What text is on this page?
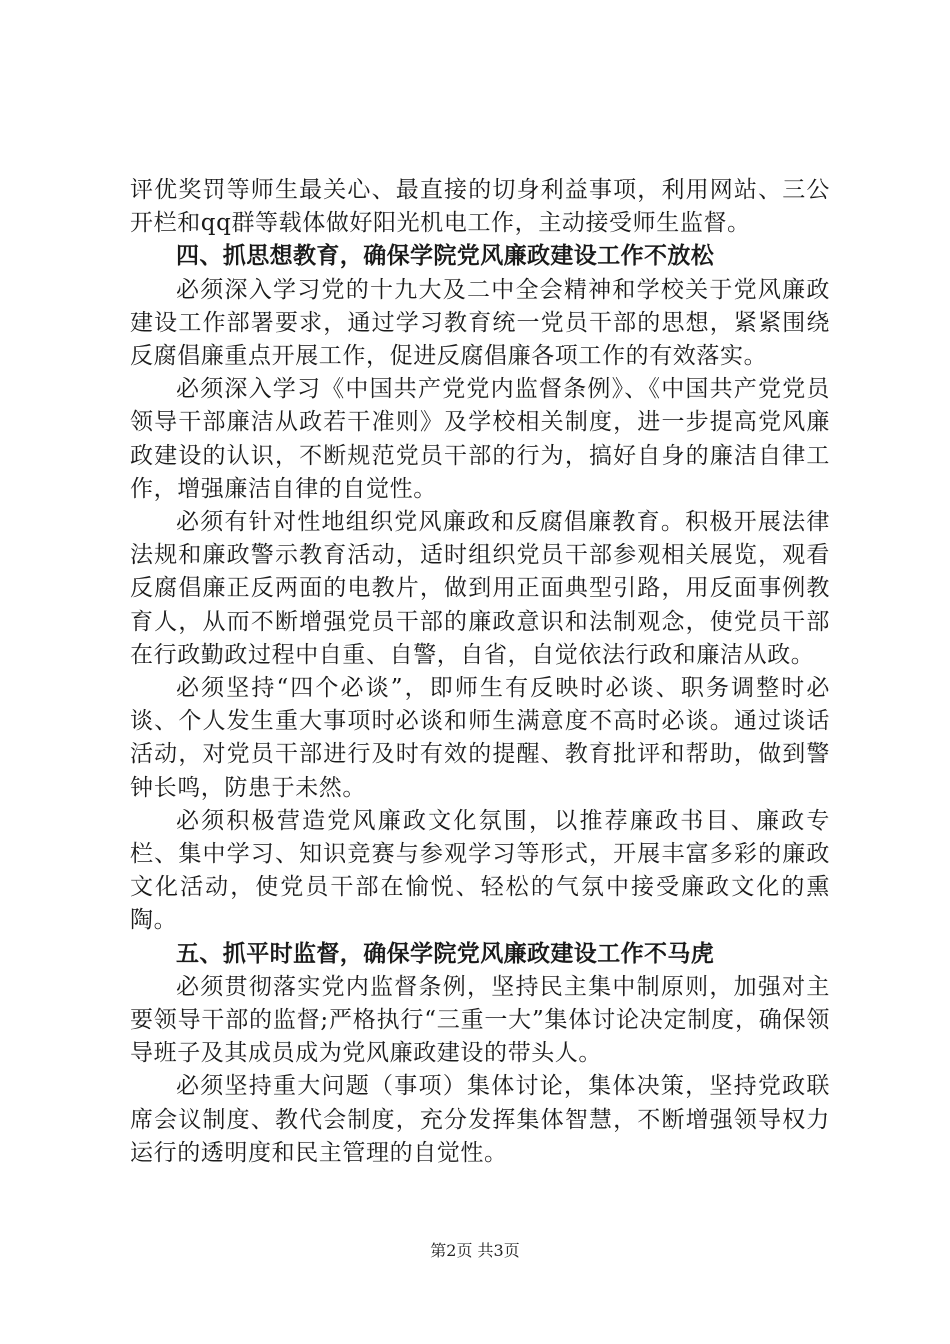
评优奖罚等师生最关心、最直接的切身利益事项，利用网站、三公开栏和qq群等载体做好阳光机电工作，主动接受师生监督。

四、抓思想教育，确保学院党风廉政建设工作不放松

必须深入学习党的十九大及二中全会精神和学校关于党风廉政建设工作部署要求，通过学习教育统一党员干部的思想，紧紧围绕反腐倡廉重点开展工作，促进反腐倡廉各项工作的有效落实。

必须深入学习《中国共产党党内监督条例》、《中国共产党党员领导干部廉洁从政若干准则》及学校相关制度，进一步提高党风廉政建设的认识，不断规范党员干部的行为，搞好自身的廉洁自律工作，增强廉洁自律的自觉性。

必须有针对性地组织党风廉政和反腐倡廉教育。积极开展法律法规和廉政警示教育活动，适时组织党员干部参观相关展览，观看反腐倡廉正反两面的电教片，做到用正面典型引路，用反面事例教育人，从而不断增强党员干部的廉政意识和法制观念，使党员干部在行政勤政过程中自重、自警，自省，自觉依法行政和廉洁从政。

必须坚持“四个必谈”，即师生有反映时必谈、职务调整时必谈、个人发生重大事项时必谈和师生满意度不高时必谈。通过谈话活动，对党员干部进行及时有效的提醒、教育批评和帮助，做到警钟长鸣，防患于未然。

必须积极营造党风廉政文化氛围，以推荐廉政书目、廉政专栏、集中学习、知识竞赛与参观学习等形式，开展丰富多彩的廉政文化活动，使党员干部在愉悦、轻松的气氛中接受廉政文化的熏陶。

五、抓平时监督，确保学院党风廉政建设工作不马虎

必须贯彻落实党内监督条例，坚持民主集中制原则，加强对主要领导干部的监督;严格执行“三重一大”集体讨论决定制度，确保领导班子及其成员成为党风廉政建设的带头人。

必须坚持重大问题（事项）集体讨论，集体决策，坚持党政联席会议制度、教代会制度，充分发挥集体智慧，不断增强领导权力运行的透明度和民主管理的自觉性。

第2页 共3页
